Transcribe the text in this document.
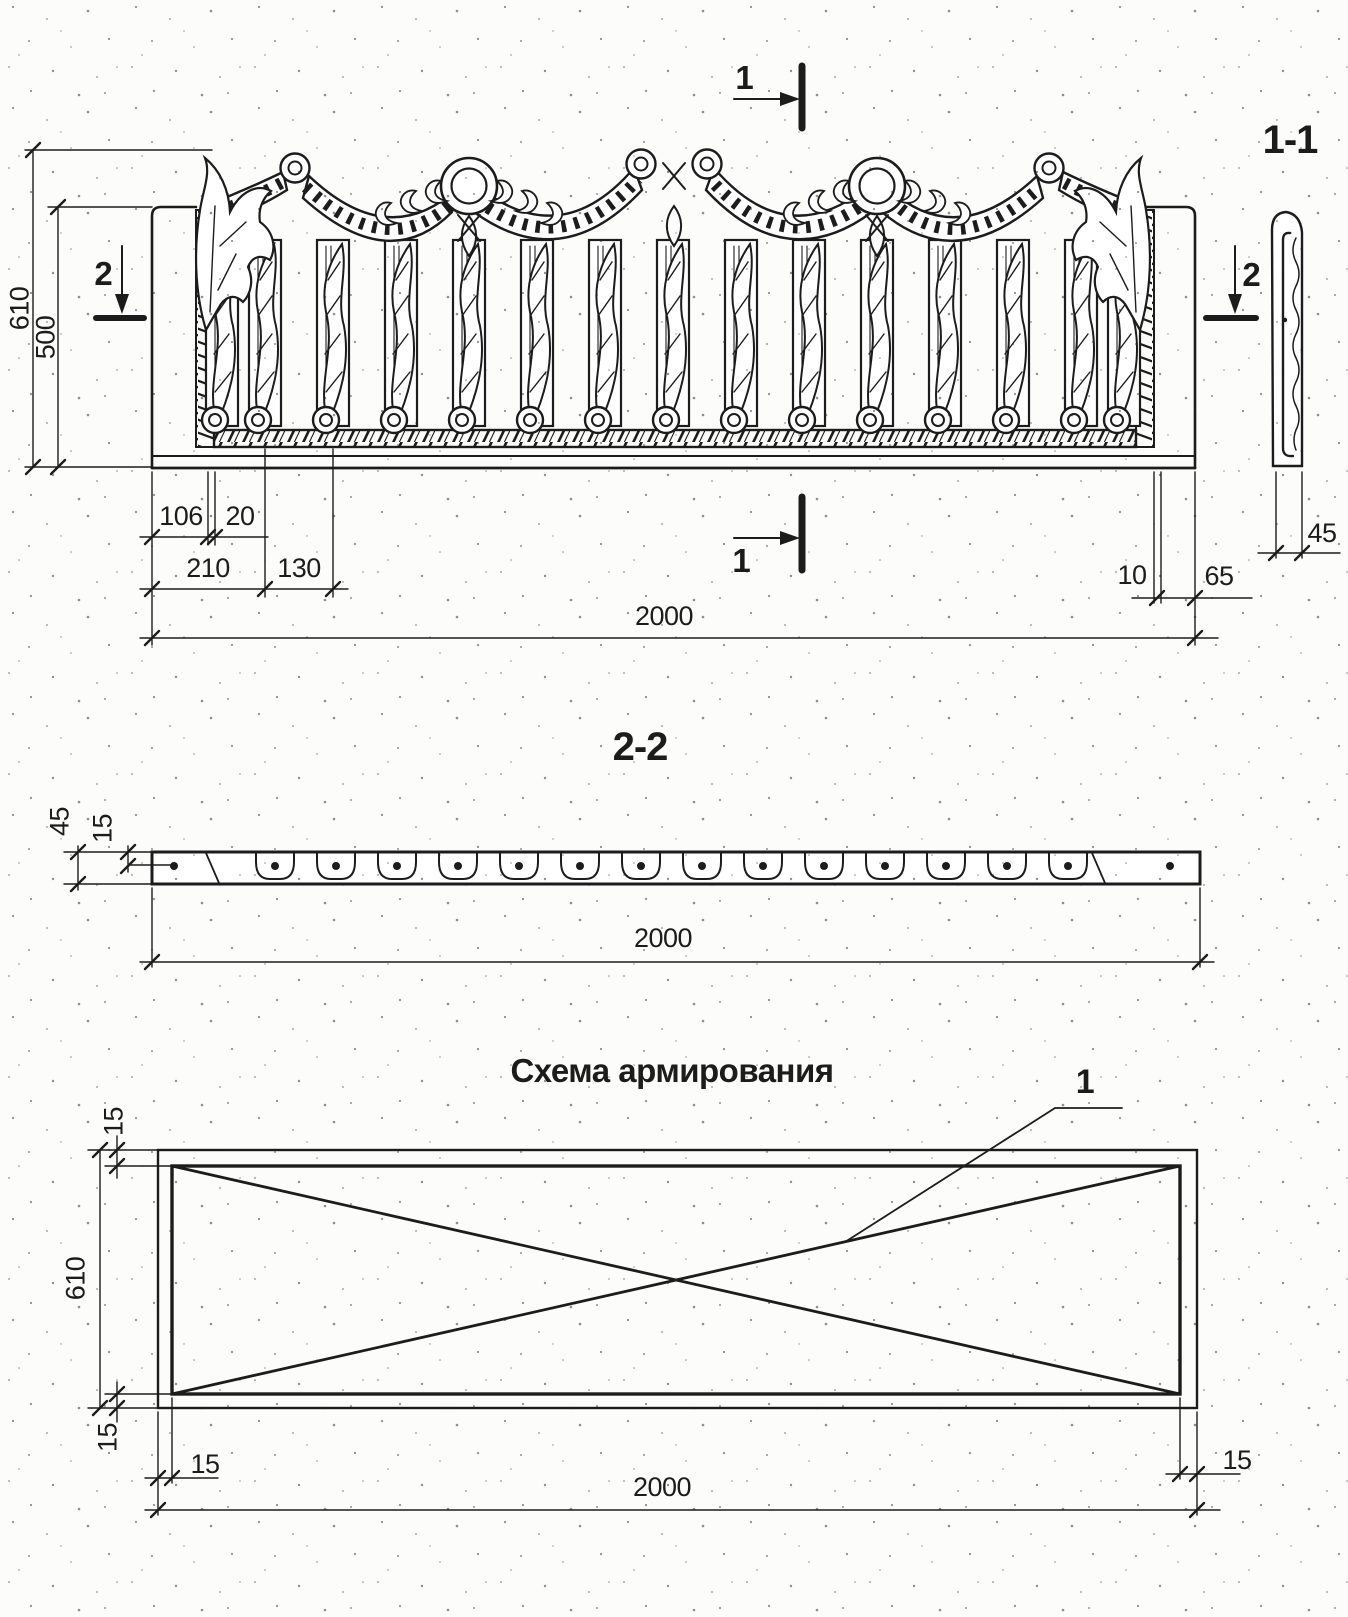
1
1
2	2
610
500
106 20
210	130
2000
10	65
1-1
45
2-2
45 15
2000
Схема армирования	1
15
610
15
15	15
2000
